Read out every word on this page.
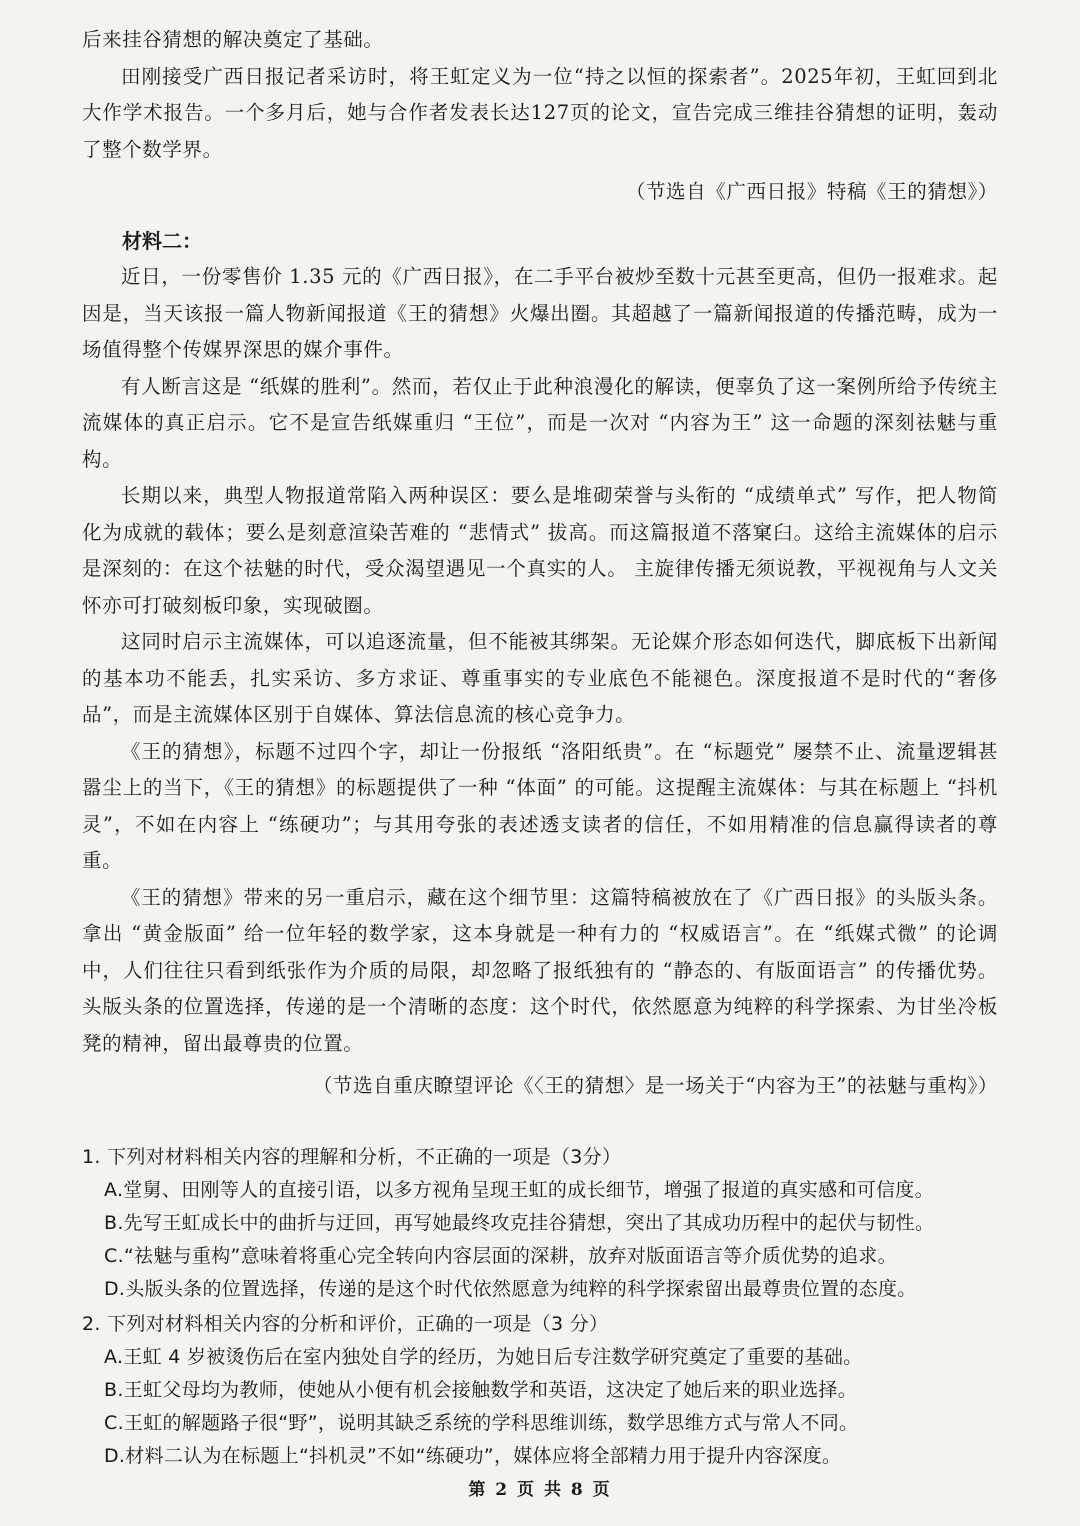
后来挂谷猜想的解决奠定了基础。

田刚接受广西日报记者采访时，将王虹定义为一位“持之以恒的探索者”。2025年初，王虹回到北大作学术报告。一个多月后，她与合作者发表长达127页的论文，宣告完成三维挂谷猜想的证明，轰动了整个数学界。

（节选自《广西日报》特稿《王的猜想》）

材料二：

近日，一份零售价 1.35 元的《广西日报》，在二手平台被炒至数十元甚至更高，但仍一报难求。起因是，当天该报一篇人物新闻报道《王的猜想》火爆出圈。其超越了一篇新闻报道的传播范畴，成为一场值得整个传媒界深思的媒介事件。

有人断言这是 “纸媒的胜利”。然而，若仅止于此种浪漫化的解读，便辜负了这一案例所给予传统主流媒体的真正启示。它不是宣告纸媒重归 “王位”，而是一次对 “内容为王” 这一命题的深刻祛魅与重构。

长期以来，典型人物报道常陷入两种误区：要么是堆砌荣誉与头衔的 “成绩单式” 写作，把人物简化为成就的载体；要么是刻意渲染苦难的 “悲情式” 拔高。而这篇报道不落窠臼。这给主流媒体的启示是深刻的：在这个祛魅的时代，受众渴望遇见一个真实的人。 主旋律传播无须说教，平视视角与人文关怀亦可打破刻板印象，实现破圈。

这同时启示主流媒体，可以追逐流量，但不能被其绑架。无论媒介形态如何迭代，脚底板下出新闻的基本功不能丢，扎实采访、多方求证、尊重事实的专业底色不能褪色。深度报道不是时代的“奢侈品”，而是主流媒体区别于自媒体、算法信息流的核心竞争力。

《王的猜想》，标题不过四个字，却让一份报纸 “洛阳纸贵”。在 “标题党” 屡禁不止、流量逻辑甚嚣尘上的当下，《王的猜想》的标题提供了一种 “体面” 的可能。这提醒主流媒体：与其在标题上 “抖机灵”，不如在内容上 “练硬功”；与其用夸张的表述透支读者的信任，不如用精准的信息赢得读者的尊重。

《王的猜想》带来的另一重启示，藏在这个细节里：这篇特稿被放在了《广西日报》的头版头条。拿出 “黄金版面” 给一位年轻的数学家，这本身就是一种有力的 “权威语言”。在 “纸媒式微” 的论调中，人们往往只看到纸张作为介质的局限，却忽略了报纸独有的 “静态的、有版面语言” 的传播优势。头版头条的位置选择，传递的是一个清晰的态度：这个时代，依然愿意为纯粹的科学探索、为甘坐冷板凳的精神，留出最尊贵的位置。

（节选自重庆瞭望评论《〈王的猜想〉是一场关于“内容为王”的祛魅与重构》）

1. 下列对材料相关内容的理解和分析，不正确的一项是（3分）

A.堂舅、田刚等人的直接引语，以多方视角呈现王虹的成长细节，增强了报道的真实感和可信度。

B.先写王虹成长中的曲折与迂回，再写她最终攻克挂谷猜想，突出了其成功历程中的起伏与韧性。

C.“祛魅与重构”意味着将重心完全转向内容层面的深耕，放弃对版面语言等介质优势的追求。

D.头版头条的位置选择，传递的是这个时代依然愿意为纯粹的科学探索留出最尊贵位置的态度。

2. 下列对材料相关内容的分析和评价，正确的一项是（3 分）

A.王虹 4 岁被烫伤后在室内独处自学的经历，为她日后专注数学研究奠定了重要的基础。

B.王虹父母均为教师，使她从小便有机会接触数学和英语，这决定了她后来的职业选择。

C.王虹的解题路子很“野”，说明其缺乏系统的学科思维训练，数学思维方式与常人不同。

D.材料二认为在标题上“抖机灵”不如“练硬功”，媒体应将全部精力用于提升内容深度。

第 2 页 共 8 页
